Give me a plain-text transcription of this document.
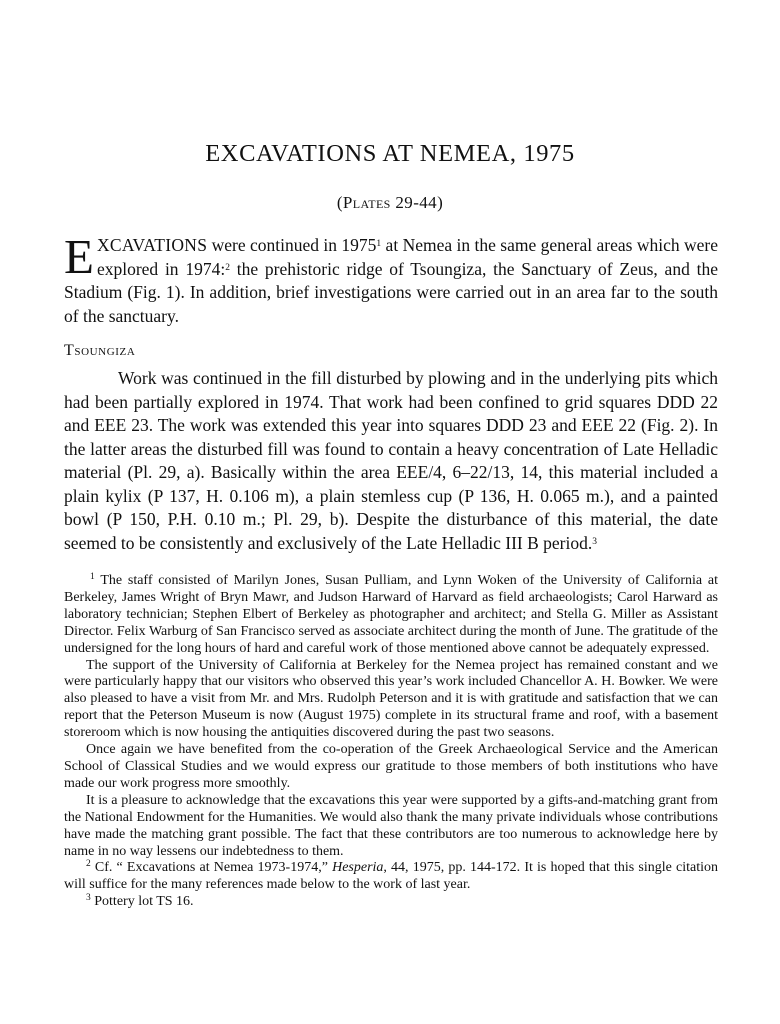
EXCAVATIONS AT NEMEA, 1975

(Plates 29-44)

EXCAVATIONS were continued in 1975$^1$ at Nemea in the same general areas which were explored in 1974:$^2$ the prehistoric ridge of Tsoungiza, the Sanctuary of Zeus, and the Stadium (Fig. 1). In addition, brief investigations were carried out in an area far to the south of the sanctuary.

Tsoungiza

Work was continued in the fill disturbed by plowing and in the underlying pits which had been partially explored in 1974. That work had been confined to grid squares DDD 22 and EEE 23. The work was extended this year into squares DDD 23 and EEE 22 (Fig. 2). In the latter areas the disturbed fill was found to contain a heavy concentration of Late Helladic material (Pl. 29, a). Basically within the area EEE/4, 6–22/13, 14, this material included a plain kylix (P 137, H. 0.106 m), a plain stemless cup (P 136, H. 0.065 m.), and a painted bowl (P 150, P.H. 0.10 m.; Pl. 29, b). Despite the disturbance of this material, the date seemed to be consistently and exclusively of the Late Helladic III B period.$^3$

$^1$ The staff consisted of Marilyn Jones, Susan Pulliam, and Lynn Woken of the University of California at Berkeley, James Wright of Bryn Mawr, and Judson Harward of Harvard as field archaeologists; Carol Harward as laboratory technician; Stephen Elbert of Berkeley as photographer and architect; and Stella G. Miller as Assistant Director. Felix Warburg of San Francisco served as associate architect during the month of June. The gratitude of the undersigned for the long hours of hard and careful work of those mentioned above cannot be adequately expressed.

The support of the University of California at Berkeley for the Nemea project has remained constant and we were particularly happy that our visitors who observed this year’s work included Chancellor A. H. Bowker. We were also pleased to have a visit from Mr. and Mrs. Rudolph Peterson and it is with gratitude and satisfaction that we can report that the Peterson Museum is now (August 1975) complete in its structural frame and roof, with a basement storeroom which is now housing the antiquities discovered during the past two seasons.

Once again we have benefited from the co-operation of the Greek Archaeological Service and the American School of Classical Studies and we would express our gratitude to those members of both institutions who have made our work progress more smoothly.

It is a pleasure to acknowledge that the excavations this year were supported by a gifts-and-matching grant from the National Endowment for the Humanities. We would also thank the many private individuals whose contributions have made the matching grant possible. The fact that these contributors are too numerous to acknowledge here by name in no way lessens our indebtedness to them.

$^2$ Cf. “ Excavations at Nemea 1973-1974,” Hesperia, 44, 1975, pp. 144-172. It is hoped that this single citation will suffice for the many references made below to the work of last year.

$^3$ Pottery lot TS 16.
